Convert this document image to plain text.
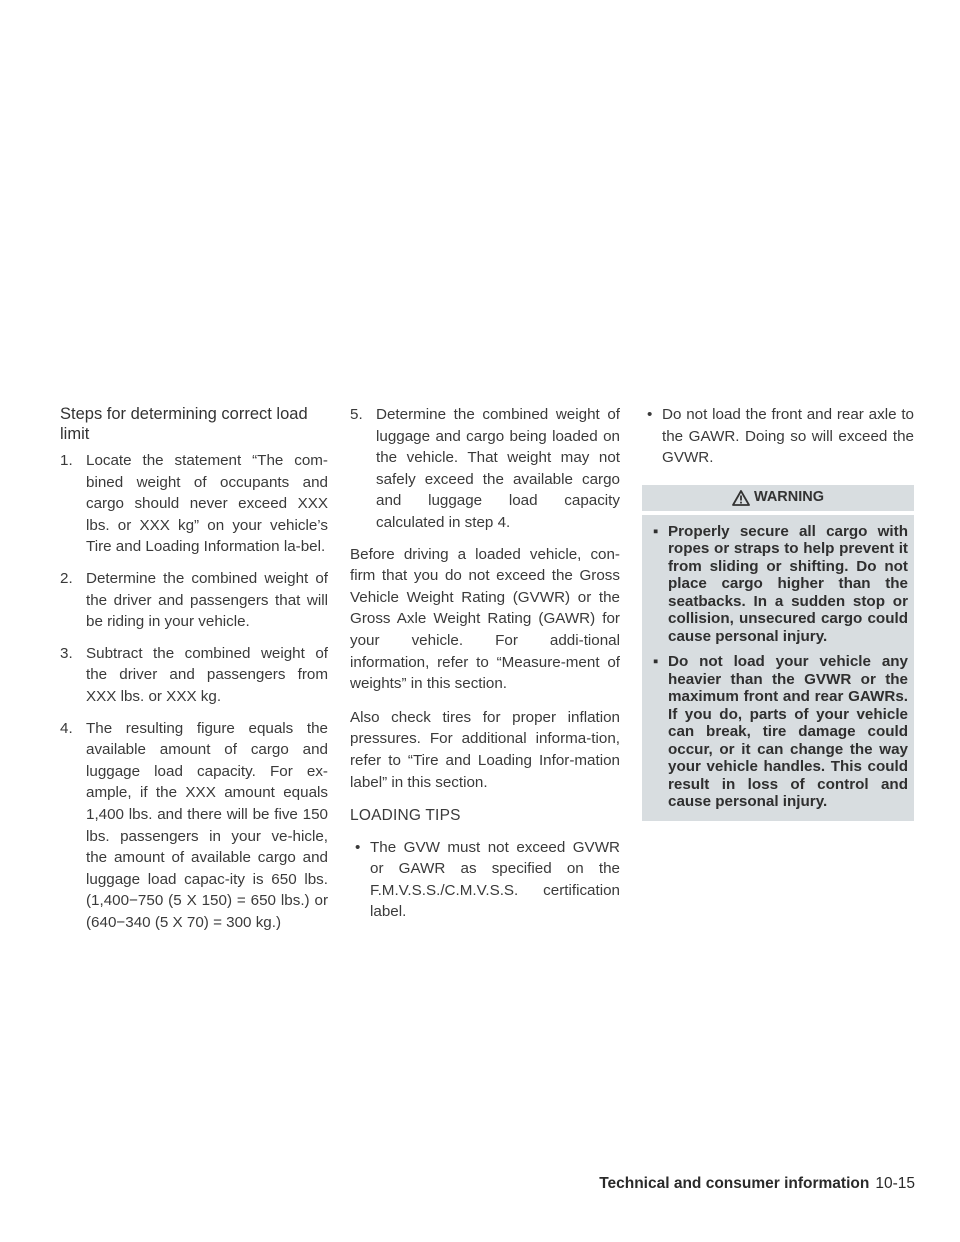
Steps for determining correct load limit
1. Locate the statement “The com-bined weight of occupants and cargo should never exceed XXX lbs. or XXX kg” on your vehicle’s Tire and Loading Information la-bel.
2. Determine the combined weight of the driver and passengers that will be riding in your vehicle.
3. Subtract the combined weight of the driver and passengers from XXX lbs. or XXX kg.
4. The resulting figure equals the available amount of cargo and luggage load capacity. For ex-ample, if the XXX amount equals 1,400 lbs. and there will be five 150 lbs. passengers in your ve-hicle, the amount of available cargo and luggage load capac-ity is 650 lbs. (1,400−750 (5 X 150) = 650 lbs.) or (640−340 (5 X 70) = 300 kg.)
5. Determine the combined weight of luggage and cargo being loaded on the vehicle. That weight may not safely exceed the available cargo and luggage load capacity calculated in step 4.

Before driving a loaded vehicle, con-firm that you do not exceed the Gross Vehicle Weight Rating (GVWR) or the Gross Axle Weight Rating (GAWR) for your vehicle. For addi-tional information, refer to “Measure-ment of weights” in this section.

Also check tires for proper inflation pressures. For additional informa-tion, refer to “Tire and Loading Infor-mation label” in this section.

LOADING TIPS
• The GVW must not exceed GVWR or GAWR as specified on the F.M.V.S.S./C.M.V.S.S. certification label.
• Do not load the front and rear axle to the GAWR. Doing so will exceed the GVWR.
WARNING
▪ Properly secure all cargo with ropes or straps to help prevent it from sliding or shifting. Do not place cargo higher than the seatbacks. In a sudden stop or collision, unsecured cargo could cause personal injury.
▪ Do not load your vehicle any heavier than the GVWR or the maximum front and rear GAWRs. If you do, parts of your vehicle can break, tire damage could occur, or it can change the way your vehicle handles. This could result in loss of control and cause personal injury.
Technical and consumer information 10-15
